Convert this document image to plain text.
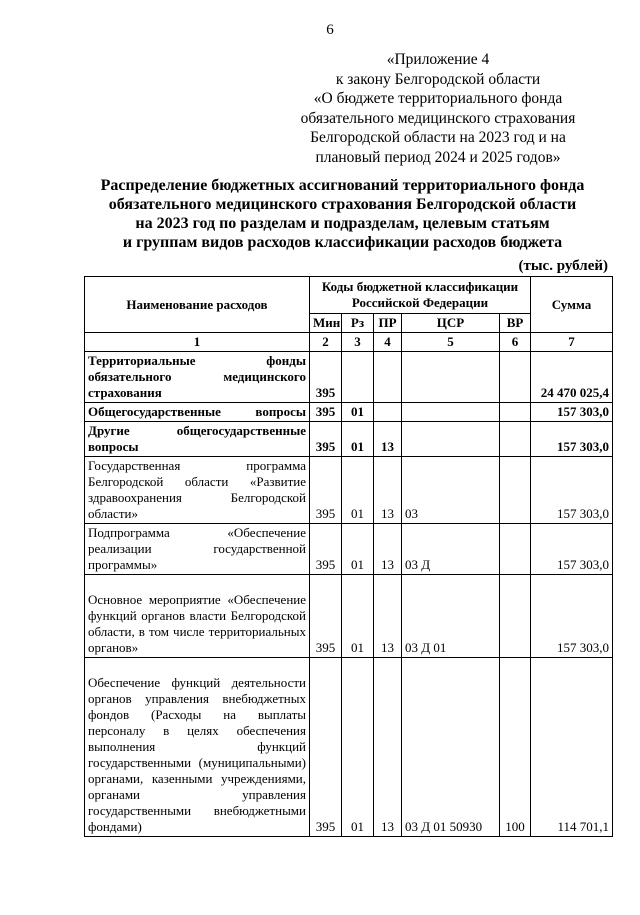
6
«Приложение 4
к закону Белгородской области
«О бюджете территориального фонда
обязательного медицинского страхования
Белгородской области на 2023 год и на
плановый период 2024 и 2025 годов»
Распределение бюджетных ассигнований территориального фонда
обязательного медицинского страхования Белгородской области
на 2023 год по разделам и подразделам, целевым статьям
и группам видов расходов классификации расходов бюджета
(тыс. рублей)
Наименование расходов	Коды бюджетной классификации Российской Федерации					Сумма
	Мин	Рз	ПР	ЦСР	ВР	
1	2	3	4	5	6	7
Территориальные фонды обязательного медицинского страхования	395					24 470 025,4
Общегосударственные вопросы	395	01				157 303,0
Другие общегосударственные вопросы	395	01	13			157 303,0
Государственная программа Белгородской области «Развитие здравоохранения Белгородской области»	395	01	13	03		157 303,0
Подпрограмма «Обеспечение реализации государственной программы»	395	01	13	03 Д		157 303,0
Основное мероприятие «Обеспечение функций органов власти Белгородской области, в том числе территориальных органов»	395	01	13	03 Д 01		157 303,0
Обеспечение функций деятельности органов управления внебюджетных фондов (Расходы на выплаты персоналу в целях обеспечения выполнения функций государственными (муниципальными) органами, казенными учреждениями, органами управления государственными внебюджетными фондами)	395	01	13	03 Д 01 50930	100	114 701,1
